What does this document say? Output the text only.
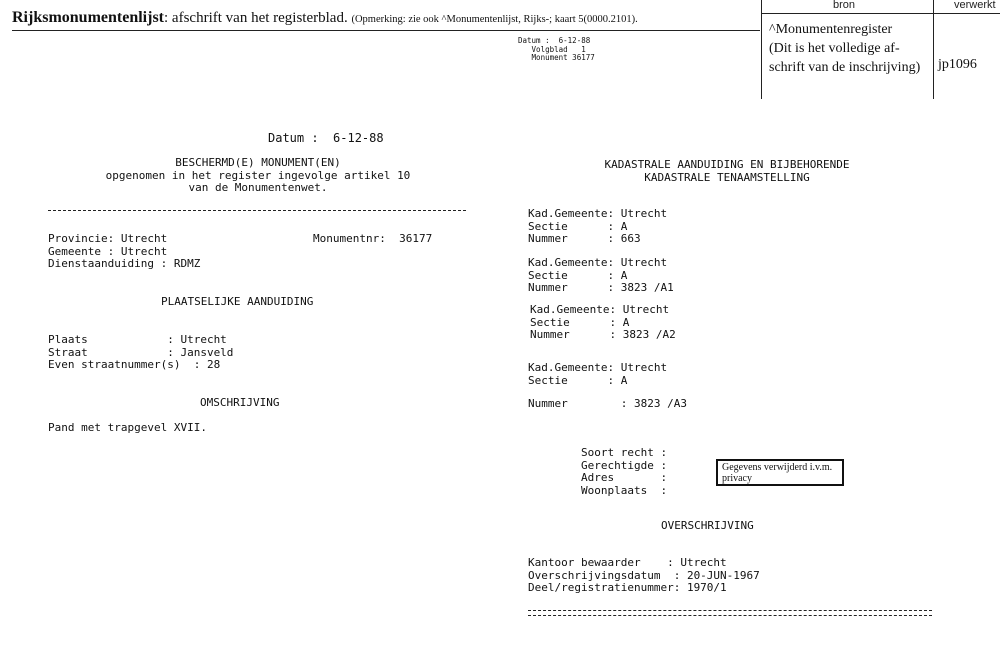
Rijksmonumentenlijst: afschrift van het registerblad. (Opmerking: zie ook ^Monumentenlijst, Rijks-; kaart 5(0000.2101).
bron	verwerkt
^Monumentenregister
(Dit is het volledige af-
schrift van de inschrijving) jp1096
Datum :  6-12-88
Volgblad   1
Monument 36177
Datum :  6-12-88
BESCHERMD(E) MONUMENT(EN)
opgenomen in het register ingevolge artikel 10
van de Monumentenwet.
Provincie: Utrecht
Gemeente : Utrecht
Dienstaanduiding : RDMZ
Monumentnr:  36177
PLAATSELIJKE AANDUIDING
Plaats            : Utrecht
Straat            : Jansveld
Even straatnummer(s)  : 28
OMSCHRIJVING
Pand met trapgevel XVII.
KADASTRALE AANDUIDING EN BIJBEHORENDE
KADASTRALE TENAAMSTELLING
Kad.Gemeente: Utrecht
Sectie      : A
Nummer      : 663
Kad.Gemeente: Utrecht
Sectie      : A
Nummer      : 3823 /A1
Kad.Gemeente: Utrecht
Sectie      : A
Nummer      : 3823 /A2
Kad.Gemeente: Utrecht
Sectie      : A
Nummer        : 3823 /A3
Soort recht :
Gerechtigde :
Adres       :
Woonplaats  :
Gegevens verwijderd i.v.m. privacy
OVERSCHRIJVING
Kantoor bewaarder    : Utrecht
Overschrijvingsdatum  : 20-JUN-1967
Deel/registratienummer: 1970/1
